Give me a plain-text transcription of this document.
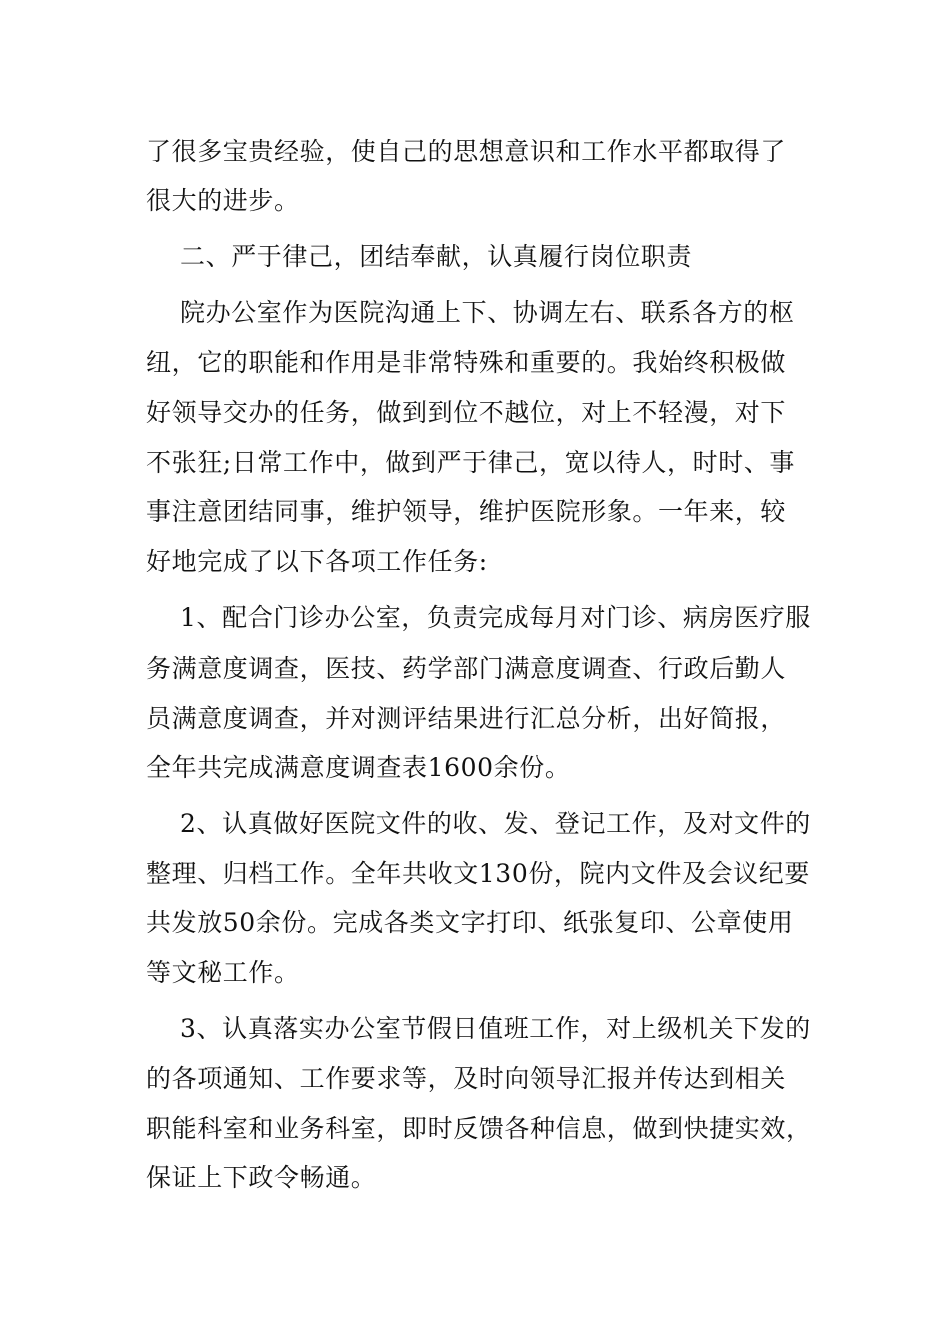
了很多宝贵经验，使自己的思想意识和工作水平都取得了
很大的进步。
二、严于律己，团结奉献，认真履行岗位职责
院办公室作为医院沟通上下、协调左右、联系各方的枢
纽，它的职能和作用是非常特殊和重要的。我始终积极做
好领导交办的任务，做到到位不越位，对上不轻漫，对下
不张狂;日常工作中，做到严于律己，宽以待人，时时、事
事注意团结同事，维护领导，维护医院形象。一年来，较
好地完成了以下各项工作任务:
1、配合门诊办公室，负责完成每月对门诊、病房医疗服
务满意度调查，医技、药学部门满意度调查、行政后勤人
员满意度调查，并对测评结果进行汇总分析，出好简报，
全年共完成满意度调查表1600余份。
2、认真做好医院文件的收、发、登记工作，及对文件的
整理、归档工作。全年共收文130份，院内文件及会议纪要
共发放50余份。完成各类文字打印、纸张复印、公章使用
等文秘工作。
3、认真落实办公室节假日值班工作，对上级机关下发的
的各项通知、工作要求等，及时向领导汇报并传达到相关
职能科室和业务科室，即时反馈各种信息，做到快捷实效，
保证上下政令畅通。
